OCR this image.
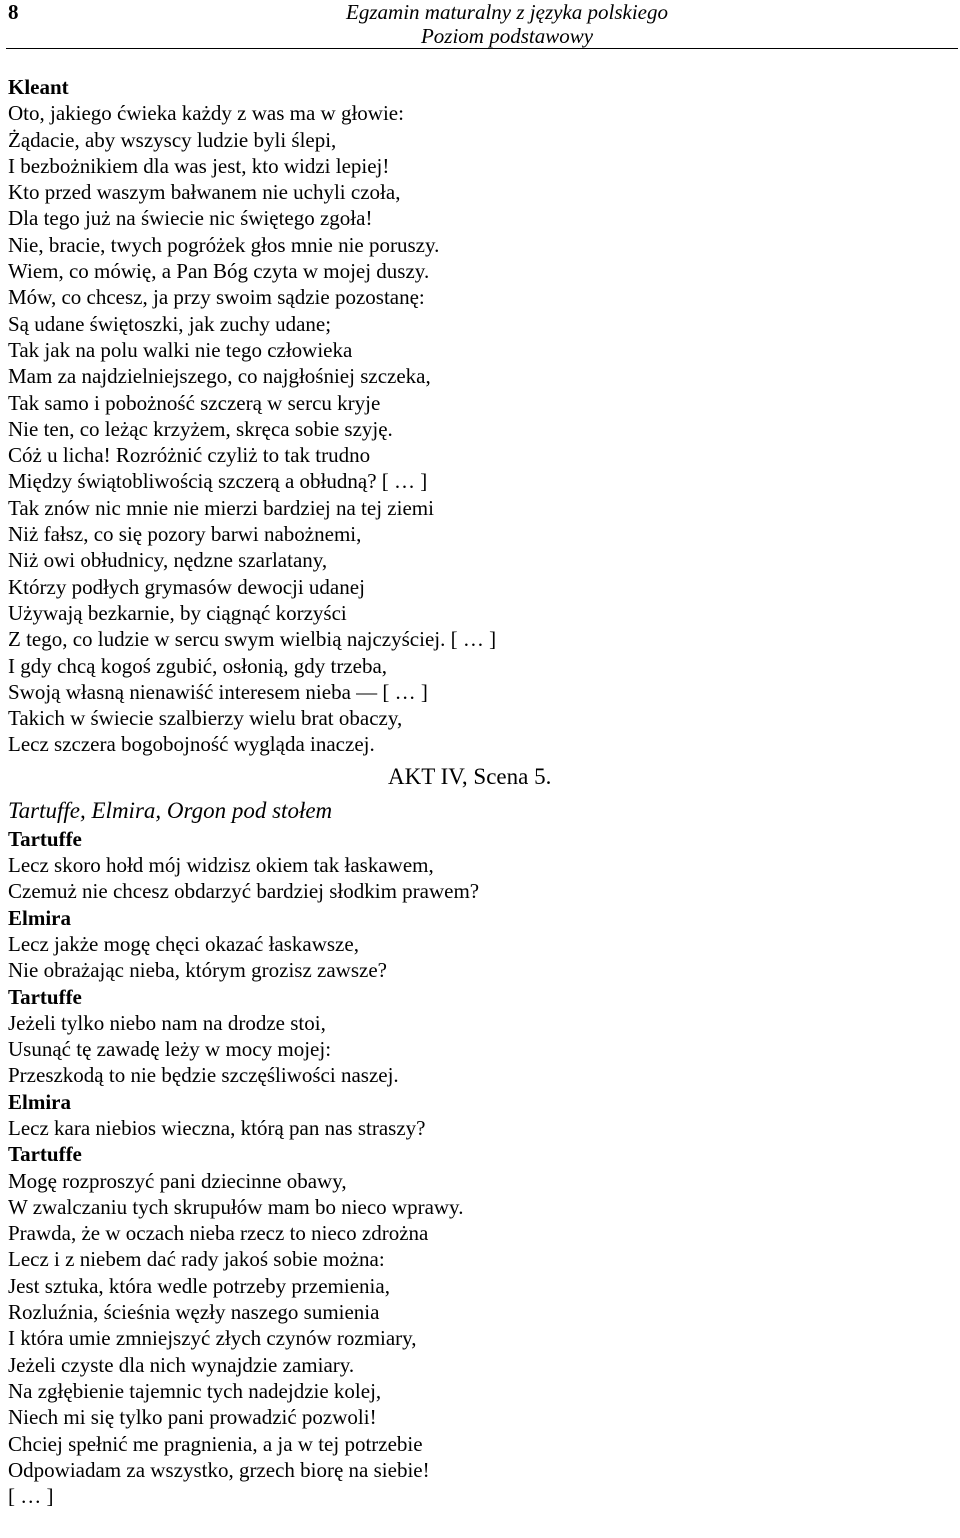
8	Egzamin maturalny z języka polskiego
Poziom podstawowy
Kleant
Oto, jakiego ćwieka każdy z was ma w głowie:
Żądacie, aby wszyscy ludzie byli ślepi,
I bezbożnikiem dla was jest, kto widzi lepiej!
Kto przed waszym bałwanem nie uchyli czoła,
Dla tego już na świecie nic świętego zgoła!
Nie, bracie, twych pogróżek głos mnie nie poruszy.
Wiem, co mówię, a Pan Bóg czyta w mojej duszy.
Mów, co chcesz, ja przy swoim sądzie pozostanę:
Są udane świętoszki, jak zuchy udane;
Tak jak na polu walki nie tego człowieka
Mam za najdzielniejszego, co najgłośniej szczeka,
Tak samo i pobożność szczerą w sercu kryje
Nie ten, co leżąc krzyżem, skręca sobie szyję.
Cóż u licha! Rozróżnić czyliż to tak trudno
Między świątobliwością szczerą a obłudną? [ … ]
Tak znów nic mnie nie mierzi bardziej na tej ziemi
Niż fałsz, co się pozory barwi nabożnemi,
Niż owi obłudnicy, nędzne szarlatany,
Którzy podłych grymasów dewocji udanej
Używają bezkarnie, by ciągnąć korzyści
Z tego, co ludzie w sercu swym wielbią najczyściej. [ … ]
I gdy chcą kogoś zgubić, osłonią, gdy trzeba,
Swoją własną nienawiść interesem nieba — [ … ]
Takich w świecie szalbierzy wielu brat obaczy,
Lecz szczera bogobojność wygląda inaczej.
AKT IV, Scena 5.
Tartuffe, Elmira, Orgon pod stołem
Tartuffe
Lecz skoro hołd mój widzisz okiem tak łaskawem,
Czemuż nie chcesz obdarzyć bardziej słodkim prawem?
Elmira
Lecz jakże mogę chęci okazać łaskawsze,
Nie obrażając nieba, którym grozisz zawsze?
Tartuffe
Jeżeli tylko niebo nam na drodze stoi,
Usunąć tę zawadę leży w mocy mojej:
Przeszkodą to nie będzie szczęśliwości naszej.
Elmira
Lecz kara niebios wieczna, którą pan nas straszy?
Tartuffe
Mogę rozproszyć pani dziecinne obawy,
W zwalczaniu tych skrupułów mam bo nieco wprawy.
Prawda, że w oczach nieba rzecz to nieco zdrożna
Lecz i z niebem dać rady jakoś sobie można:
Jest sztuka, która wedle potrzeby przemienia,
Rozluźnia, ścieśnia węzły naszego sumienia
I która umie zmniejszyć złych czynów rozmiary,
Jeżeli czyste dla nich wynajdzie zamiary.
Na zgłębienie tajemnic tych nadejdzie kolej,
Niech mi się tylko pani prowadzić pozwoli!
Chciej spełnić me pragnienia, a ja w tej potrzebie
Odpowiadam za wszystko, grzech biorę na siebie!
[ … ]
